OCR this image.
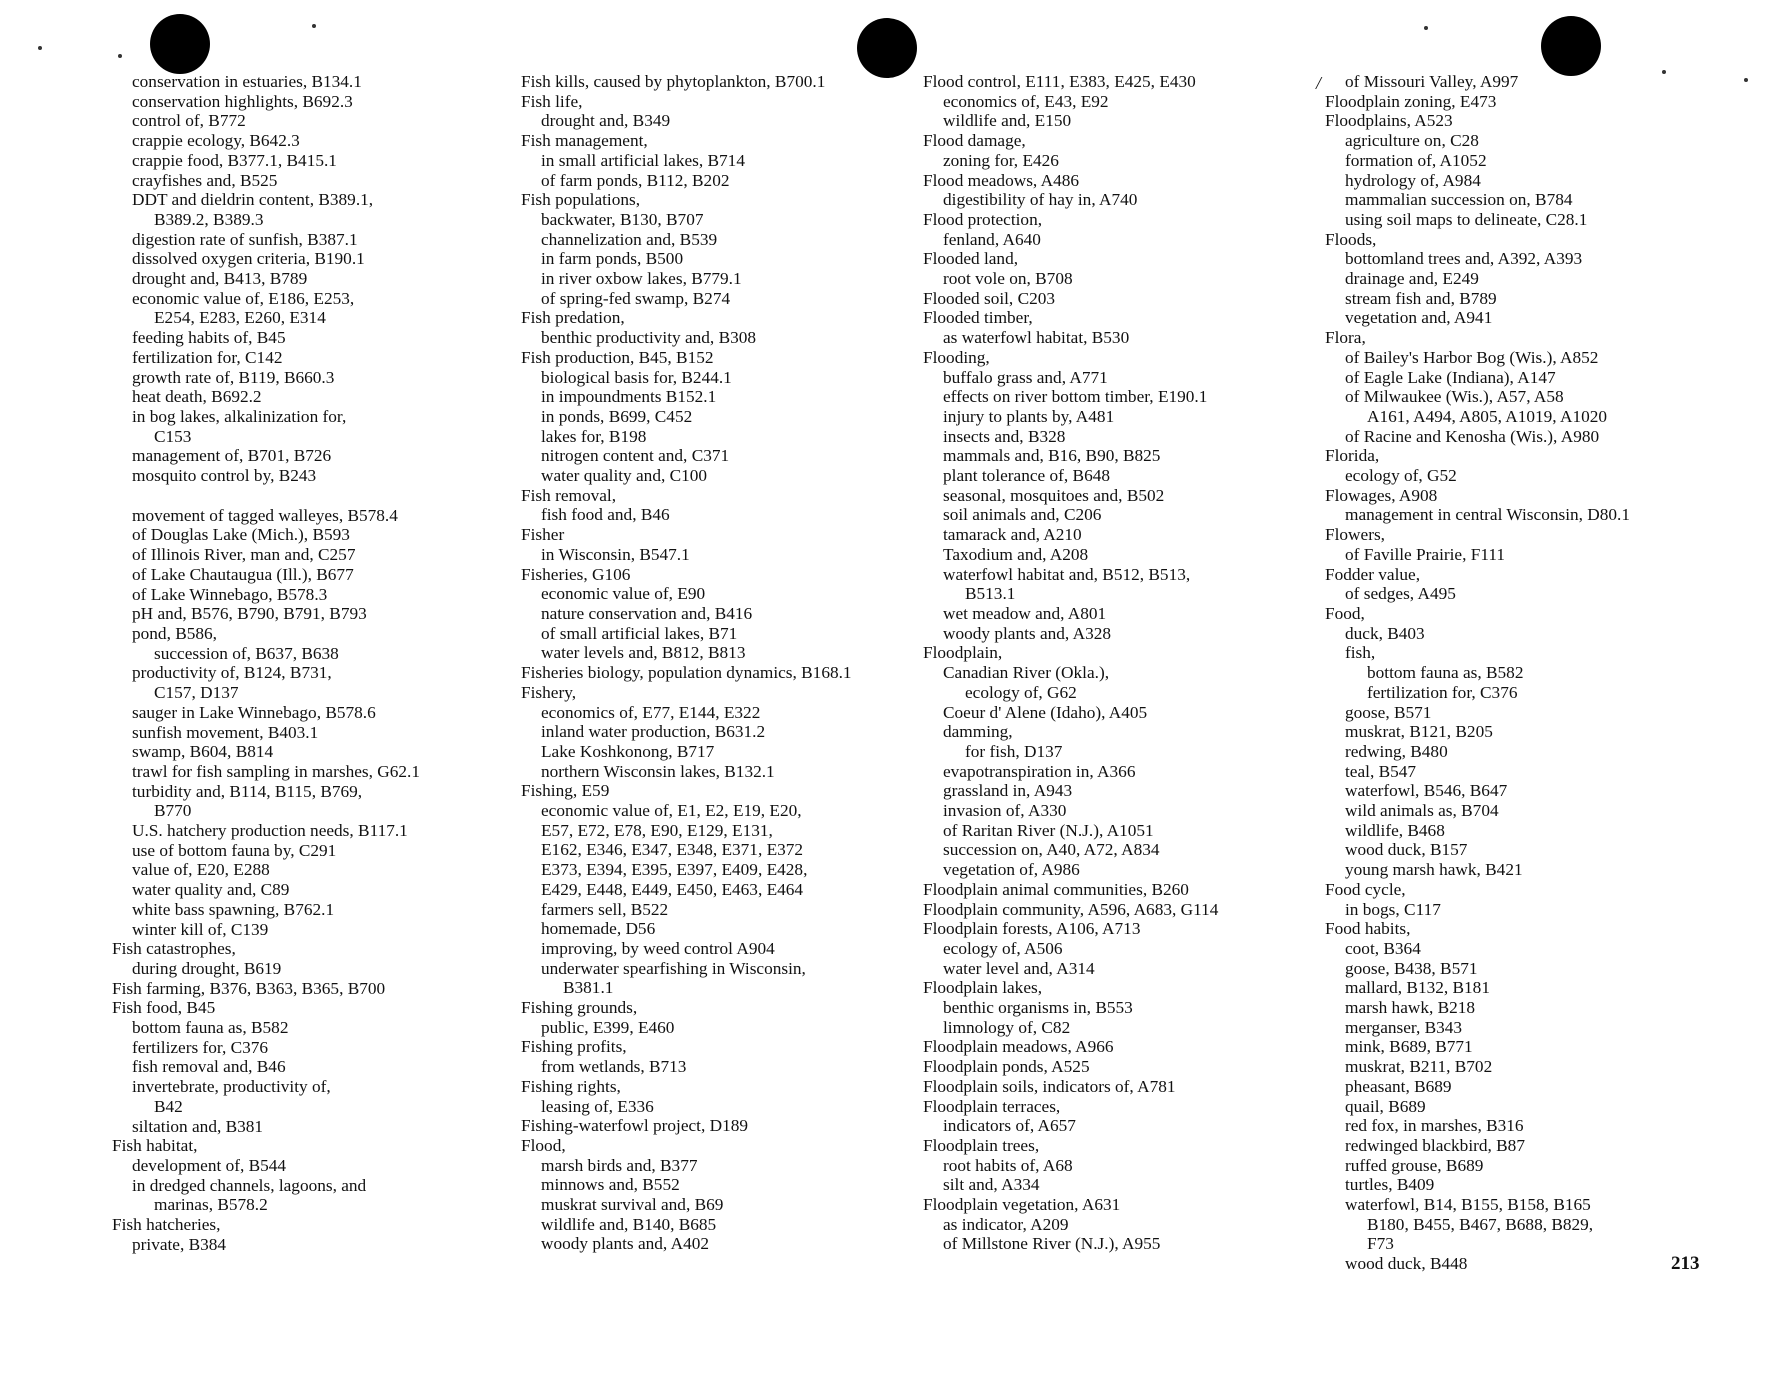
/
conservation in estuaries, B134.1
conservation highlights, B692.3
control of, B772
crappie ecology, B642.3
crappie food, B377.1, B415.1
crayfishes and, B525
DDT and dieldrin content, B389.1,
B389.2, B389.3
digestion rate of sunfish, B387.1
dissolved oxygen criteria, B190.1
drought and, B413, B789
economic value of, E186, E253,
E254, E283, E260, E314
feeding habits of, B45
fertilization for, C142
growth rate of, B119, B660.3
heat death, B692.2
in bog lakes, alkalinization for,
C153
management of, B701, B726
mosquito control by, B243
movement of tagged walleyes, B578.4
of Douglas Lake (Mich.), B593
of Illinois River, man and, C257
of Lake Chautaugua (Ill.), B677
of Lake Winnebago, B578.3
pH and, B576, B790, B791, B793
pond, B586,
succession of, B637, B638
productivity of, B124, B731,
C157, D137
sauger in Lake Winnebago, B578.6
sunfish movement, B403.1
swamp, B604, B814
trawl for fish sampling in marshes, G62.1
turbidity and, B114, B115, B769,
B770
U.S. hatchery production needs, B117.1
use of bottom fauna by, C291
value of, E20, E288
water quality and, C89
white bass spawning, B762.1
winter kill of, C139
Fish catastrophes,
during drought, B619
Fish farming, B376, B363, B365, B700
Fish food, B45
bottom fauna as, B582
fertilizers for, C376
fish removal and, B46
invertebrate, productivity of,
B42
siltation and, B381
Fish habitat,
development of, B544
in dredged channels, lagoons, and
marinas, B578.2
Fish hatcheries,
private, B384
Fish kills, caused by phytoplankton, B700.1
Fish life,
drought and, B349
Fish management,
in small artificial lakes, B714
of farm ponds, B112, B202
Fish populations,
backwater, B130, B707
channelization and, B539
in farm ponds, B500
in river oxbow lakes, B779.1
of spring-fed swamp, B274
Fish predation,
benthic productivity and, B308
Fish production, B45, B152
biological basis for, B244.1
in impoundments B152.1
in ponds, B699, C452
lakes for, B198
nitrogen content and, C371
water quality and, C100
Fish removal,
fish food and, B46
Fisher
in Wisconsin, B547.1
Fisheries, G106
economic value of, E90
nature conservation and, B416
of small artificial lakes, B71
water levels and, B812, B813
Fisheries biology, population dynamics, B168.1
Fishery,
economics of, E77, E144, E322
inland water production, B631.2
Lake Koshkonong, B717
northern Wisconsin lakes, B132.1
Fishing, E59
economic value of, E1, E2, E19, E20,
E57, E72, E78, E90, E129, E131,
E162, E346, E347, E348, E371, E372
E373, E394, E395, E397, E409, E428,
E429, E448, E449, E450, E463, E464
farmers sell, B522
homemade, D56
improving, by weed control A904
underwater spearfishing in Wisconsin,
B381.1
Fishing grounds,
public, E399, E460
Fishing profits,
from wetlands, B713
Fishing rights,
leasing of, E336
Fishing-waterfowl project, D189
Flood,
marsh birds and, B377
minnows and, B552
muskrat survival and, B69
wildlife and, B140, B685
woody plants and, A402
Flood control, E111, E383, E425, E430
economics of, E43, E92
wildlife and, E150
Flood damage,
zoning for, E426
Flood meadows, A486
digestibility of hay in, A740
Flood protection,
fenland, A640
Flooded land,
root vole on, B708
Flooded soil, C203
Flooded timber,
as waterfowl habitat, B530
Flooding,
buffalo grass and, A771
effects on river bottom timber, E190.1
injury to plants by, A481
insects and, B328
mammals and, B16, B90, B825
plant tolerance of, B648
seasonal, mosquitoes and, B502
soil animals and, C206
tamarack and, A210
Taxodium and, A208
waterfowl habitat and, B512, B513,
B513.1
wet meadow and, A801
woody plants and, A328
Floodplain,
Canadian River (Okla.),
ecology of, G62
Coeur d' Alene (Idaho), A405
damming,
for fish, D137
evapotranspiration in, A366
grassland in, A943
invasion of, A330
of Raritan River (N.J.), A1051
succession on, A40, A72, A834
vegetation of, A986
Floodplain animal communities, B260
Floodplain community, A596, A683, G114
Floodplain forests, A106, A713
ecology of, A506
water level and, A314
Floodplain lakes,
benthic organisms in, B553
limnology of, C82
Floodplain meadows, A966
Floodplain ponds, A525
Floodplain soils, indicators of, A781
Floodplain terraces,
indicators of, A657
Floodplain trees,
root habits of, A68
silt and, A334
Floodplain vegetation, A631
as indicator, A209
of Millstone River (N.J.), A955
of Missouri Valley, A997
Floodplain zoning, E473
Floodplains, A523
agriculture on, C28
formation of, A1052
hydrology of, A984
mammalian succession on, B784
using soil maps to delineate, C28.1
Floods,
bottomland trees and, A392, A393
drainage and, E249
stream fish and, B789
vegetation and, A941
Flora,
of Bailey's Harbor Bog (Wis.), A852
of Eagle Lake (Indiana), A147
of Milwaukee (Wis.), A57, A58
A161, A494, A805, A1019, A1020
of Racine and Kenosha (Wis.), A980
Florida,
ecology of, G52
Flowages, A908
management in central Wisconsin, D80.1
Flowers,
of Faville Prairie, F111
Fodder value,
of sedges, A495
Food,
duck, B403
fish,
bottom fauna as, B582
fertilization for, C376
goose, B571
muskrat, B121, B205
redwing, B480
teal, B547
waterfowl, B546, B647
wild animals as, B704
wildlife, B468
wood duck, B157
young marsh hawk, B421
Food cycle,
in bogs, C117
Food habits,
coot, B364
goose, B438, B571
mallard, B132, B181
marsh hawk, B218
merganser, B343
mink, B689, B771
muskrat, B211, B702
pheasant, B689
quail, B689
red fox, in marshes, B316
redwinged blackbird, B87
ruffed grouse, B689
turtles, B409
waterfowl, B14, B155, B158, B165
B180, B455, B467, B688, B829,
F73
wood duck, B448	213
